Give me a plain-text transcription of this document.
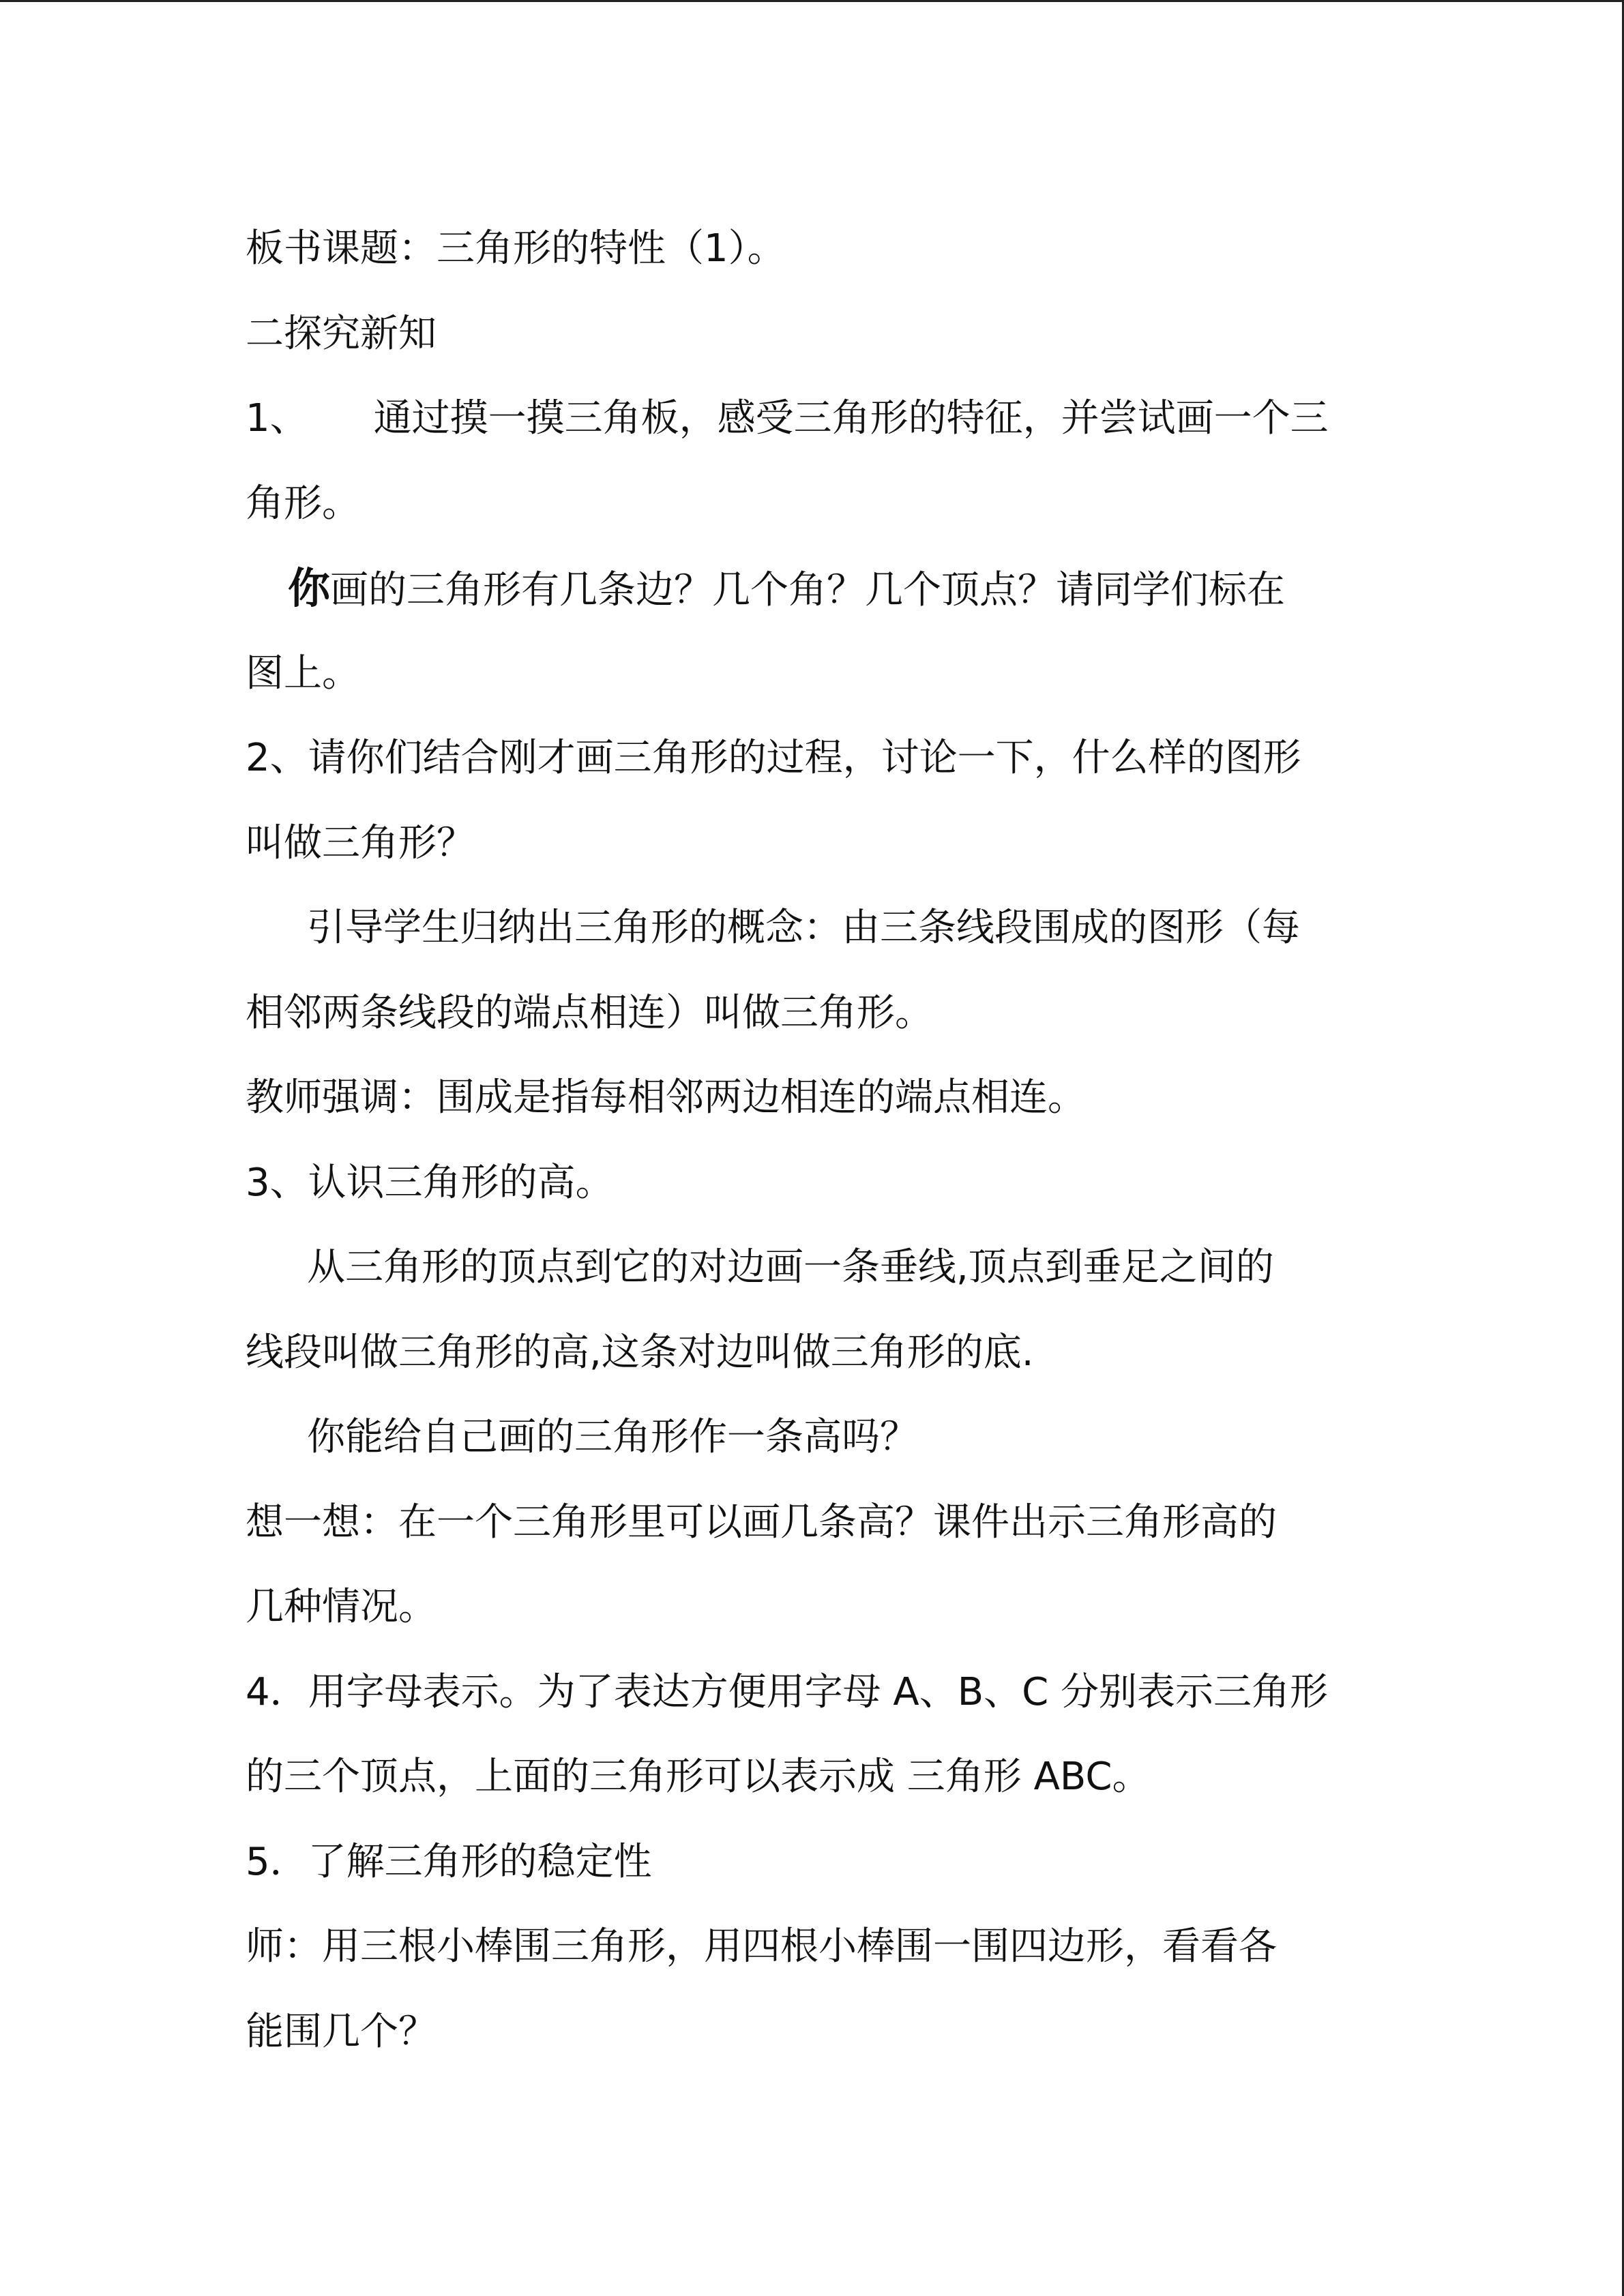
板书课题：三角形的特性（1）。
二探究新知
1、 通过摸一摸三角板，感受三角形的特征，并尝试画一个三
角形。
你画的三角形有几条边？几个角？几个顶点？请同学们标在
图上。
2、请你们结合刚才画三角形的过程，讨论一下，什么样的图形
叫做三角形？
引导学生归纳出三角形的概念：由三条线段围成的图形（每
相邻两条线段的端点相连）叫做三角形。
教师强调：围成是指每相邻两边相连的端点相连。
3、认识三角形的高。
从三角形的顶点到它的对边画一条垂线,顶点到垂足之间的
线段叫做三角形的高,这条对边叫做三角形的底.
你能给自己画的三角形作一条高吗？
想一想：在一个三角形里可以画几条高？课件出示三角形高的
几种情况。
4．用字母表示。为了表达方便用字母 A、B、C 分别表示三角形
的三个顶点，上面的三角形可以表示成 三角形 ABC。
5．了解三角形的稳定性
师：用三根小棒围三角形，用四根小棒围一围四边形，看看各
能围几个？
